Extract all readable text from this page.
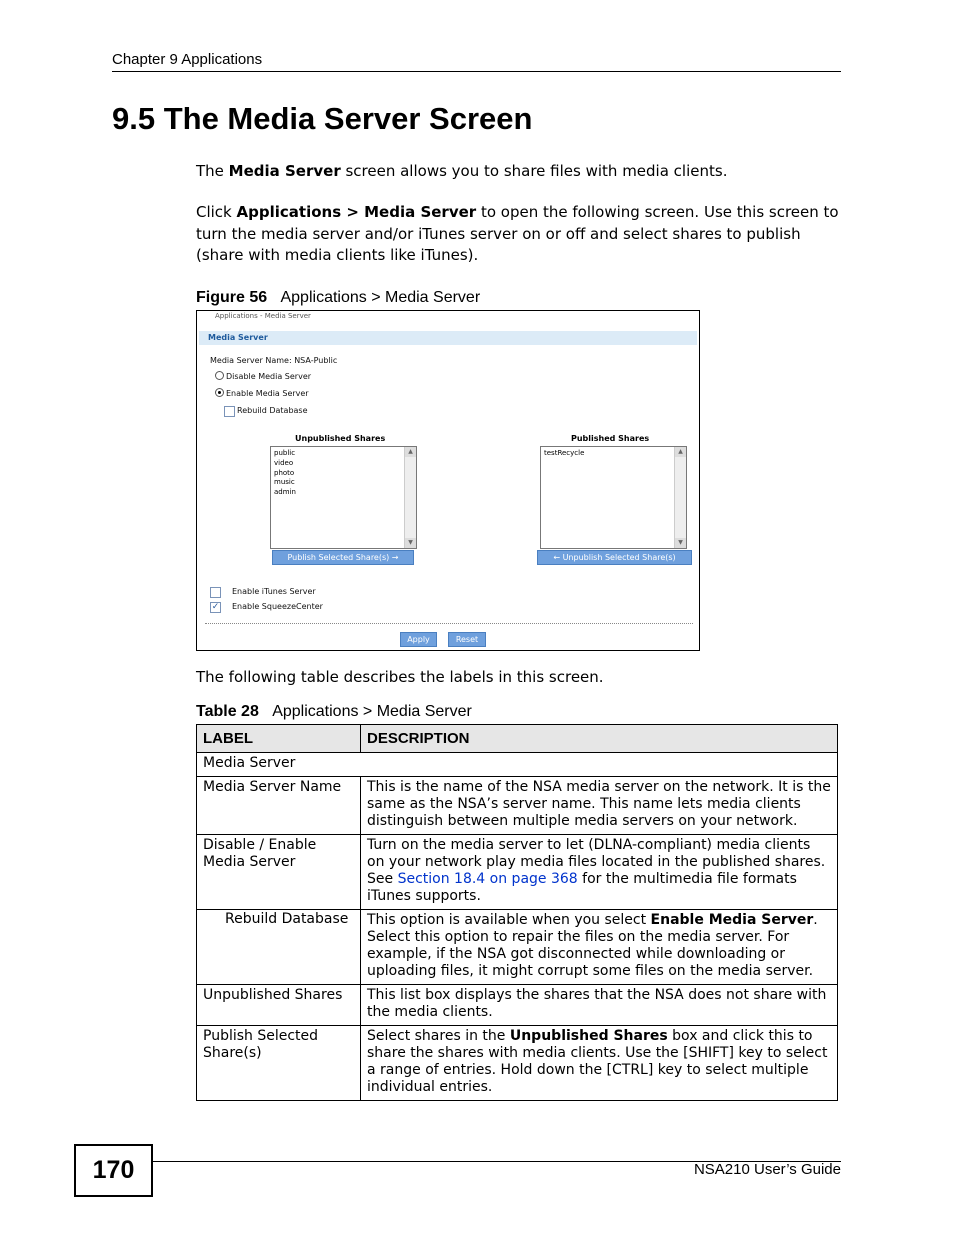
Chapter 9 Applications
9.5 The Media Server Screen

The Media Server screen allows you to share files with media clients.

Click Applications > Media Server to open the following screen. Use this screen to turn the media server and/or iTunes server on or off and select shares to publish (share with media clients like iTunes).

Figure 56 Applications > Media Server
Applications - Media Server
Media Server
Media Server Name: NSA-Public
Disable Media Server
Enable Media Server
Rebuild Database
Unpublished Shares	Published Shares
public
video
photo
music
admin
▲
▼
testRecycle	▲
▼
Publish Selected Share(s) →	← Unpublish Selected Share(s)
Enable iTunes Server
✓ Enable SqueezeCenter
Apply	Reset

The following table describes the labels in this screen.

Table 28 Applications > Media Server
LABEL	DESCRIPTION
Media Server	
Media Server Name	This is the name of the NSA media server on the network. It is the same as the NSA’s server name. This name lets media clients distinguish between multiple media servers on your network.
Disable / Enable Media Server	Turn on the media server to let (DLNA-compliant) media clients on your network play media files located in the published shares. See Section 18.4 on page 368 for the multimedia file formats iTunes supports.
Rebuild Database	This option is available when you select Enable Media Server. Select this option to repair the files on the media server. For example, if the NSA got disconnected while downloading or uploading files, it might corrupt some files on the media server.
Unpublished Shares	This list box displays the shares that the NSA does not share with the media clients.
Publish Selected Share(s)	Select shares in the Unpublished Shares box and click this to share the shares with media clients. Use the [SHIFT] key to select a range of entries. Hold down the [CTRL] key to select multiple individual entries.
170	NSA210 User’s Guide
